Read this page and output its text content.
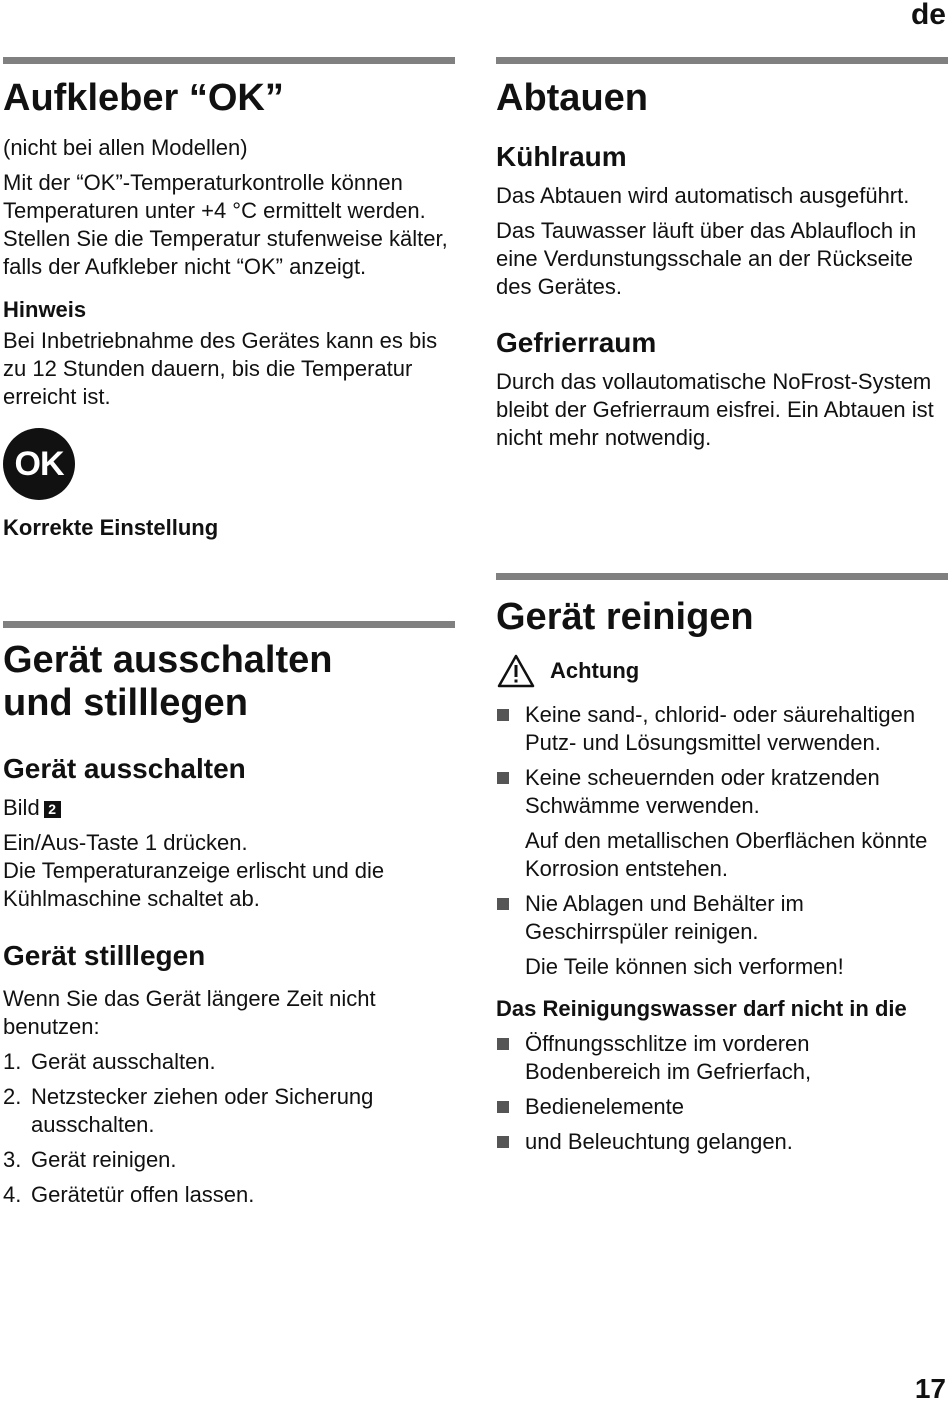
de
Aufkleber “OK”

(nicht bei allen Modellen)

Mit der “OK”-Temperaturkontrolle können Temperaturen unter +4 °C ermittelt werden. Stellen Sie die Temperatur stufenweise kälter, falls der Aufkleber nicht “OK” anzeigt.

Hinweis

Bei Inbetriebnahme des Gerätes kann es bis zu 12 Stunden dauern, bis die Temperatur erreicht ist.

OK

Korrekte Einstellung

Gerät ausschalten
und stilllegen
Gerät ausschalten

Bild 2

Ein/Aus-Taste 1 drücken.

Die Temperaturanzeige erlischt und die Kühlmaschine schaltet ab.

Gerät stilllegen

Wenn Sie das Gerät längere Zeit nicht benutzen:

1. Gerät ausschalten.
2. Netzstecker ziehen oder Sicherung ausschalten.
3. Gerät reinigen.
4. Gerätetür offen lassen.
Abtauen
Kühlraum

Das Abtauen wird automatisch ausgeführt.

Das Tauwasser läuft über das Ablaufloch in eine Verdunstungsschale an der Rückseite des Gerätes.

Gefrierraum

Durch das vollautomatische NoFrost-System bleibt der Gefrierraum eisfrei. Ein Abtauen ist nicht mehr notwendig.

Gerät reinigen
Achtung
Keine sand-, chlorid- oder säurehaltigen Putz- und Lösungsmittel verwenden.
Keine scheuernden oder kratzenden Schwämme verwenden.
Auf den metallischen Oberflächen könnte Korrosion entstehen.
Nie Ablagen und Behälter im Geschirrspüler reinigen.
Die Teile können sich verformen!

Das Reinigungswasser darf nicht in die

Öffnungsschlitze im vorderen Bodenbereich im Gefrierfach,
Bedienelemente
und Beleuchtung gelangen.
17
